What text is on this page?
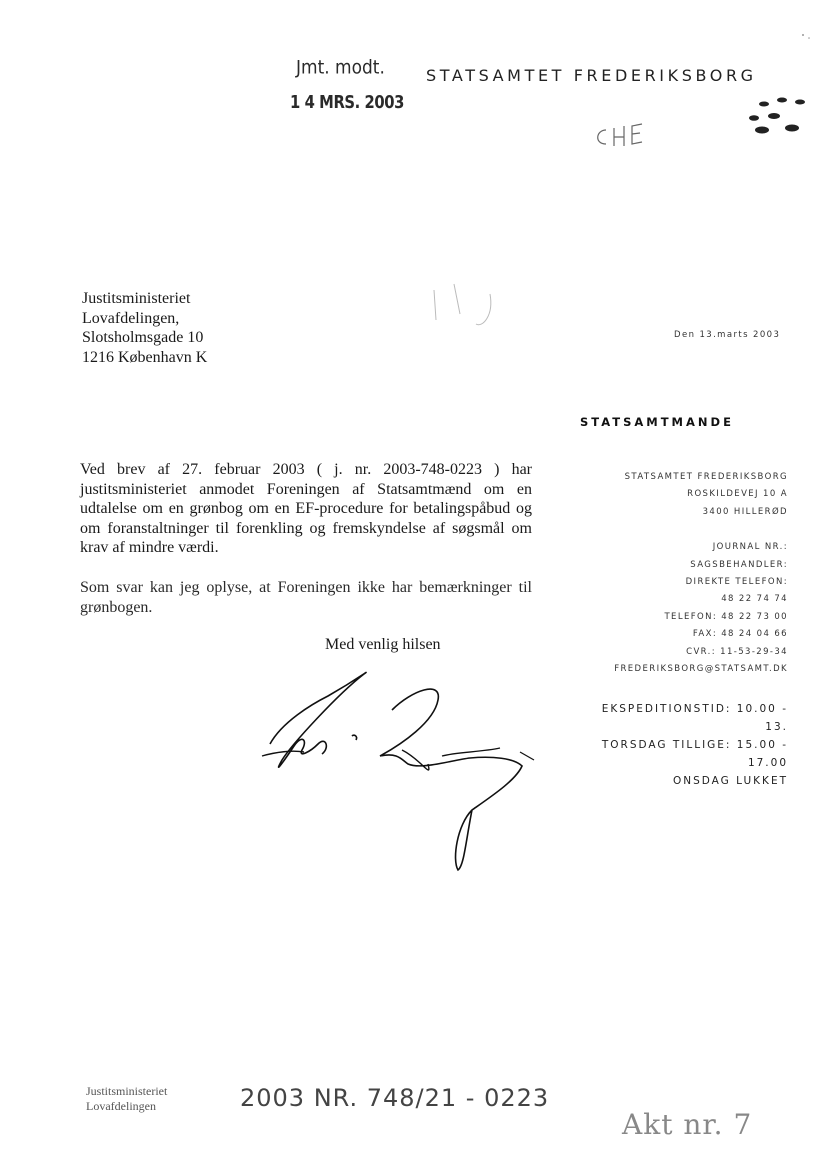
Jmt. modt.
1 4 MRS. 2003
STATSAMTET FREDERIKSBORG
Justitsministeriet
Lovafdelingen,
Slotsholmsgade 10
1216 København K
Den 13.marts 2003
STATSAMTMANDE
Ved brev af 27. februar 2003 ( j. nr. 2003-748-0223 ) har justitsministeriet anmodet Foreningen af Statsamtmænd om en udtalelse om en grønbog om en EF-procedure for betalingspåbud og om foranstaltninger til forenkling og fremskyndelse af søgsmål om krav af mindre værdi.
Som svar kan jeg oplyse, at Foreningen ikke har bemærkninger til grønbogen.
Med venlig hilsen
STATSAMTET FREDERIKSBORG
ROSKILDEVEJ 10 A
3400 HILLERØD
JOURNAL NR.:
SAGSBEHANDLER:
DIREKTE TELEFON:
48 22 74 74
TELEFON: 48 22 73 00
FAX: 48 24 04 66
CVR.: 11-53-29-34
FREDERIKSBORG@STATSAMT.DK
EKSPEDITIONSTID: 10.00 -
13.
TORSDAG TILLIGE: 15.00 -
17.00
ONSDAG LUKKET
Justitsministeriet
Lovafdelingen	2003 NR. 748/21 - 0223
Akt nr. 7
